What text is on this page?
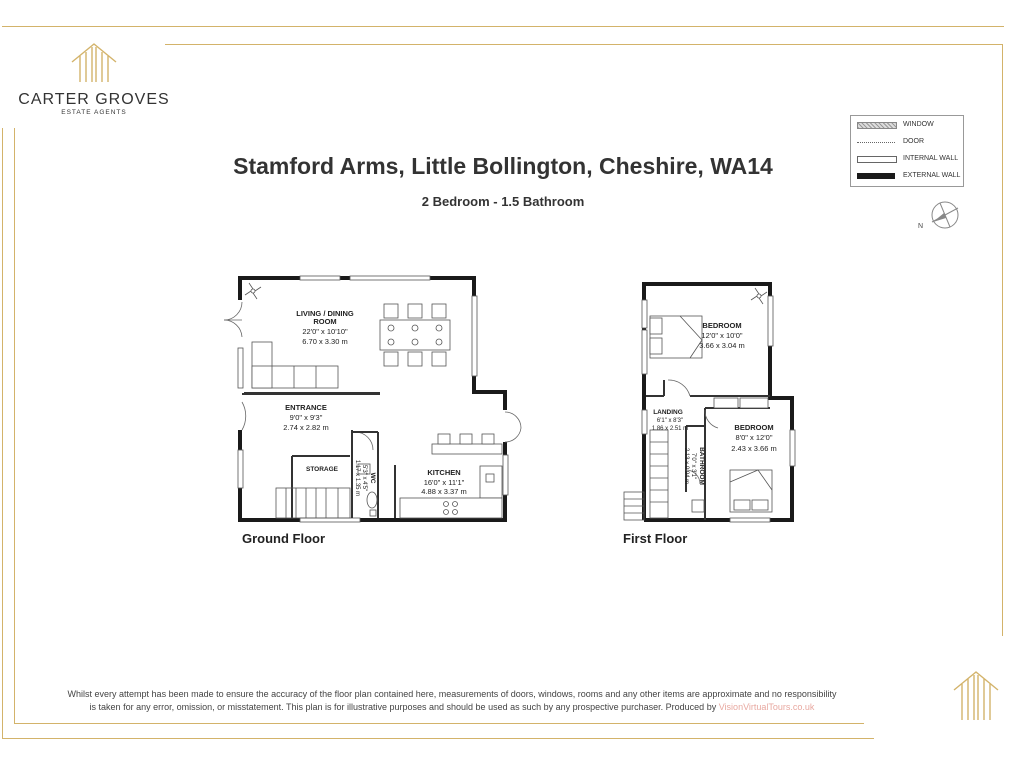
CARTER GROVES
ESTATE AGENTS
Stamford Arms, Little Bollington, Cheshire, WA14
2 Bedroom - 1.5 Bathroom
WINDOW
DOOR
INTERNAL WALL
EXTERNAL WALL
N
LIVING / DINING
ROOM
22'0" x 10'10"
6.70 x 3.30 m
ENTRANCE
9'0" x 9'3"
2.74 x 2.82 m
STORAGE
WC
5'3" x 4'5"
1.17 x 1.35 m	KITCHEN
16'0" x 11'1"
4.88 x 3.37 m
BEDROOM
12'0" x 10'0"
3.66 x 3.04 m
LANDING
6'1" x 8'3"
1.86 x 2.51 m
BATHROOM
7'0" x 3'1"
2.13 x 0.94 m
BEDROOM
8'0" x 12'0"
2.43 x 3.66 m
Ground Floor	First Floor
Whilst every attempt has been made to ensure the accuracy of the floor plan contained here, measurements of doors, windows, rooms and any other items are approximate and no responsibility
is taken for any error, omission, or misstatement. This plan is for illustrative purposes and should be used as such by any prospective purchaser. Produced by VisionVirtualTours.co.uk
